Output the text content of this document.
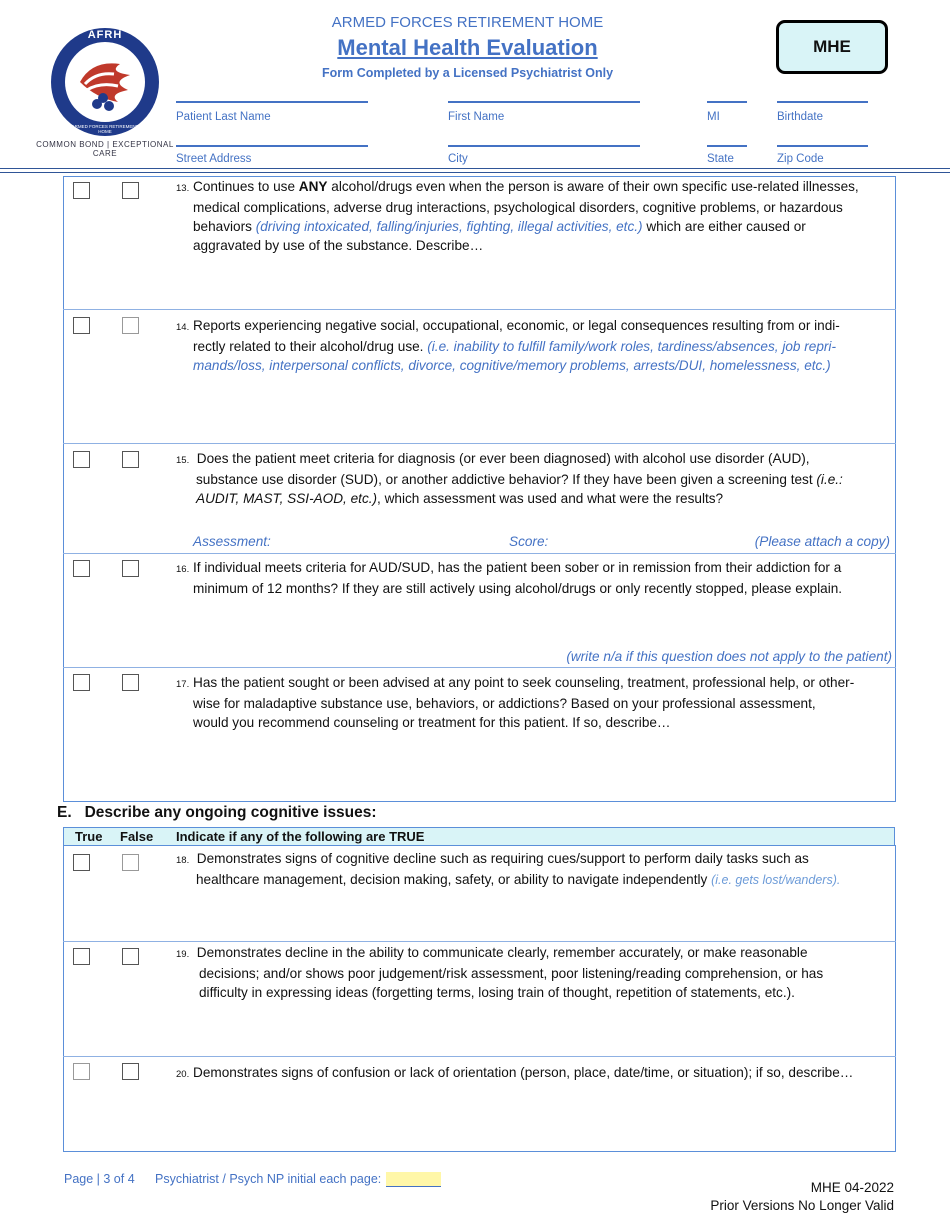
AFRH
ARMED FORCES RETIREMENT HOME
COMMON BOND | EXCEPTIONAL CARE
ARMED FORCES RETIREMENT HOME
Mental Health Evaluation
Form Completed by a Licensed Psychiatrist Only
MHE
Patient Last Name	First Name	MI	Birthdate
Street Address	City	State	Zip Code
13. Continues to use ANY alcohol/drugs even when the person is aware of their own specific use-related illnesses,
medical complications, adverse drug interactions, psychological disorders, cognitive problems, or hazardous
behaviors (driving intoxicated, falling/injuries, fighting, illegal activities, etc.) which are either caused or
aggravated by use of the substance. Describe…
14. Reports experiencing negative social, occupational, economic, or legal consequences resulting from or indi-
rectly related to their alcohol/drug use. (i.e. inability to fulfill family/work roles, tardiness/absences, job repri-
mands/loss, interpersonal conflicts, divorce, cognitive/memory problems, arrests/DUI, homelessness, etc.)
15. Does the patient meet criteria for diagnosis (or ever been diagnosed) with alcohol use disorder (AUD),
substance use disorder (SUD), or another addictive behavior? If they have been given a screening test (i.e.:
AUDIT, MAST, SSI-AOD, etc.), which assessment was used and what were the results?
Assessment:	Score:	(Please attach a copy)
16. If individual meets criteria for AUD/SUD, has the patient been sober or in remission from their addiction for a
minimum of 12 months? If they are still actively using alcohol/drugs or only recently stopped, please explain.
(write n/a if this question does not apply to the patient)
17. Has the patient sought or been advised at any point to seek counseling, treatment, professional help, or other-
wise for maladaptive substance use, behaviors, or addictions? Based on your professional assessment,
would you recommend counseling or treatment for this patient. If so, describe…
E.   Describe any ongoing cognitive issues:
True False Indicate if any of the following are TRUE
18. Demonstrates signs of cognitive decline such as requiring cues/support to perform daily tasks such as
healthcare management, decision making, safety, or ability to navigate independently (i.e. gets lost/wanders).
19. Demonstrates decline in the ability to communicate clearly, remember accurately, or make reasonable
decisions; and/or shows poor judgement/risk assessment, poor listening/reading comprehension, or has
difficulty in expressing ideas (forgetting terms, losing train of thought, repetition of statements, etc.).
20. Demonstrates signs of confusion or lack of orientation (person, place, date/time, or situation); if so, describe…
Page | 3 of 4 Psychiatrist / Psych NP initial each page:
MHE 04-2022
Prior Versions No Longer Valid
